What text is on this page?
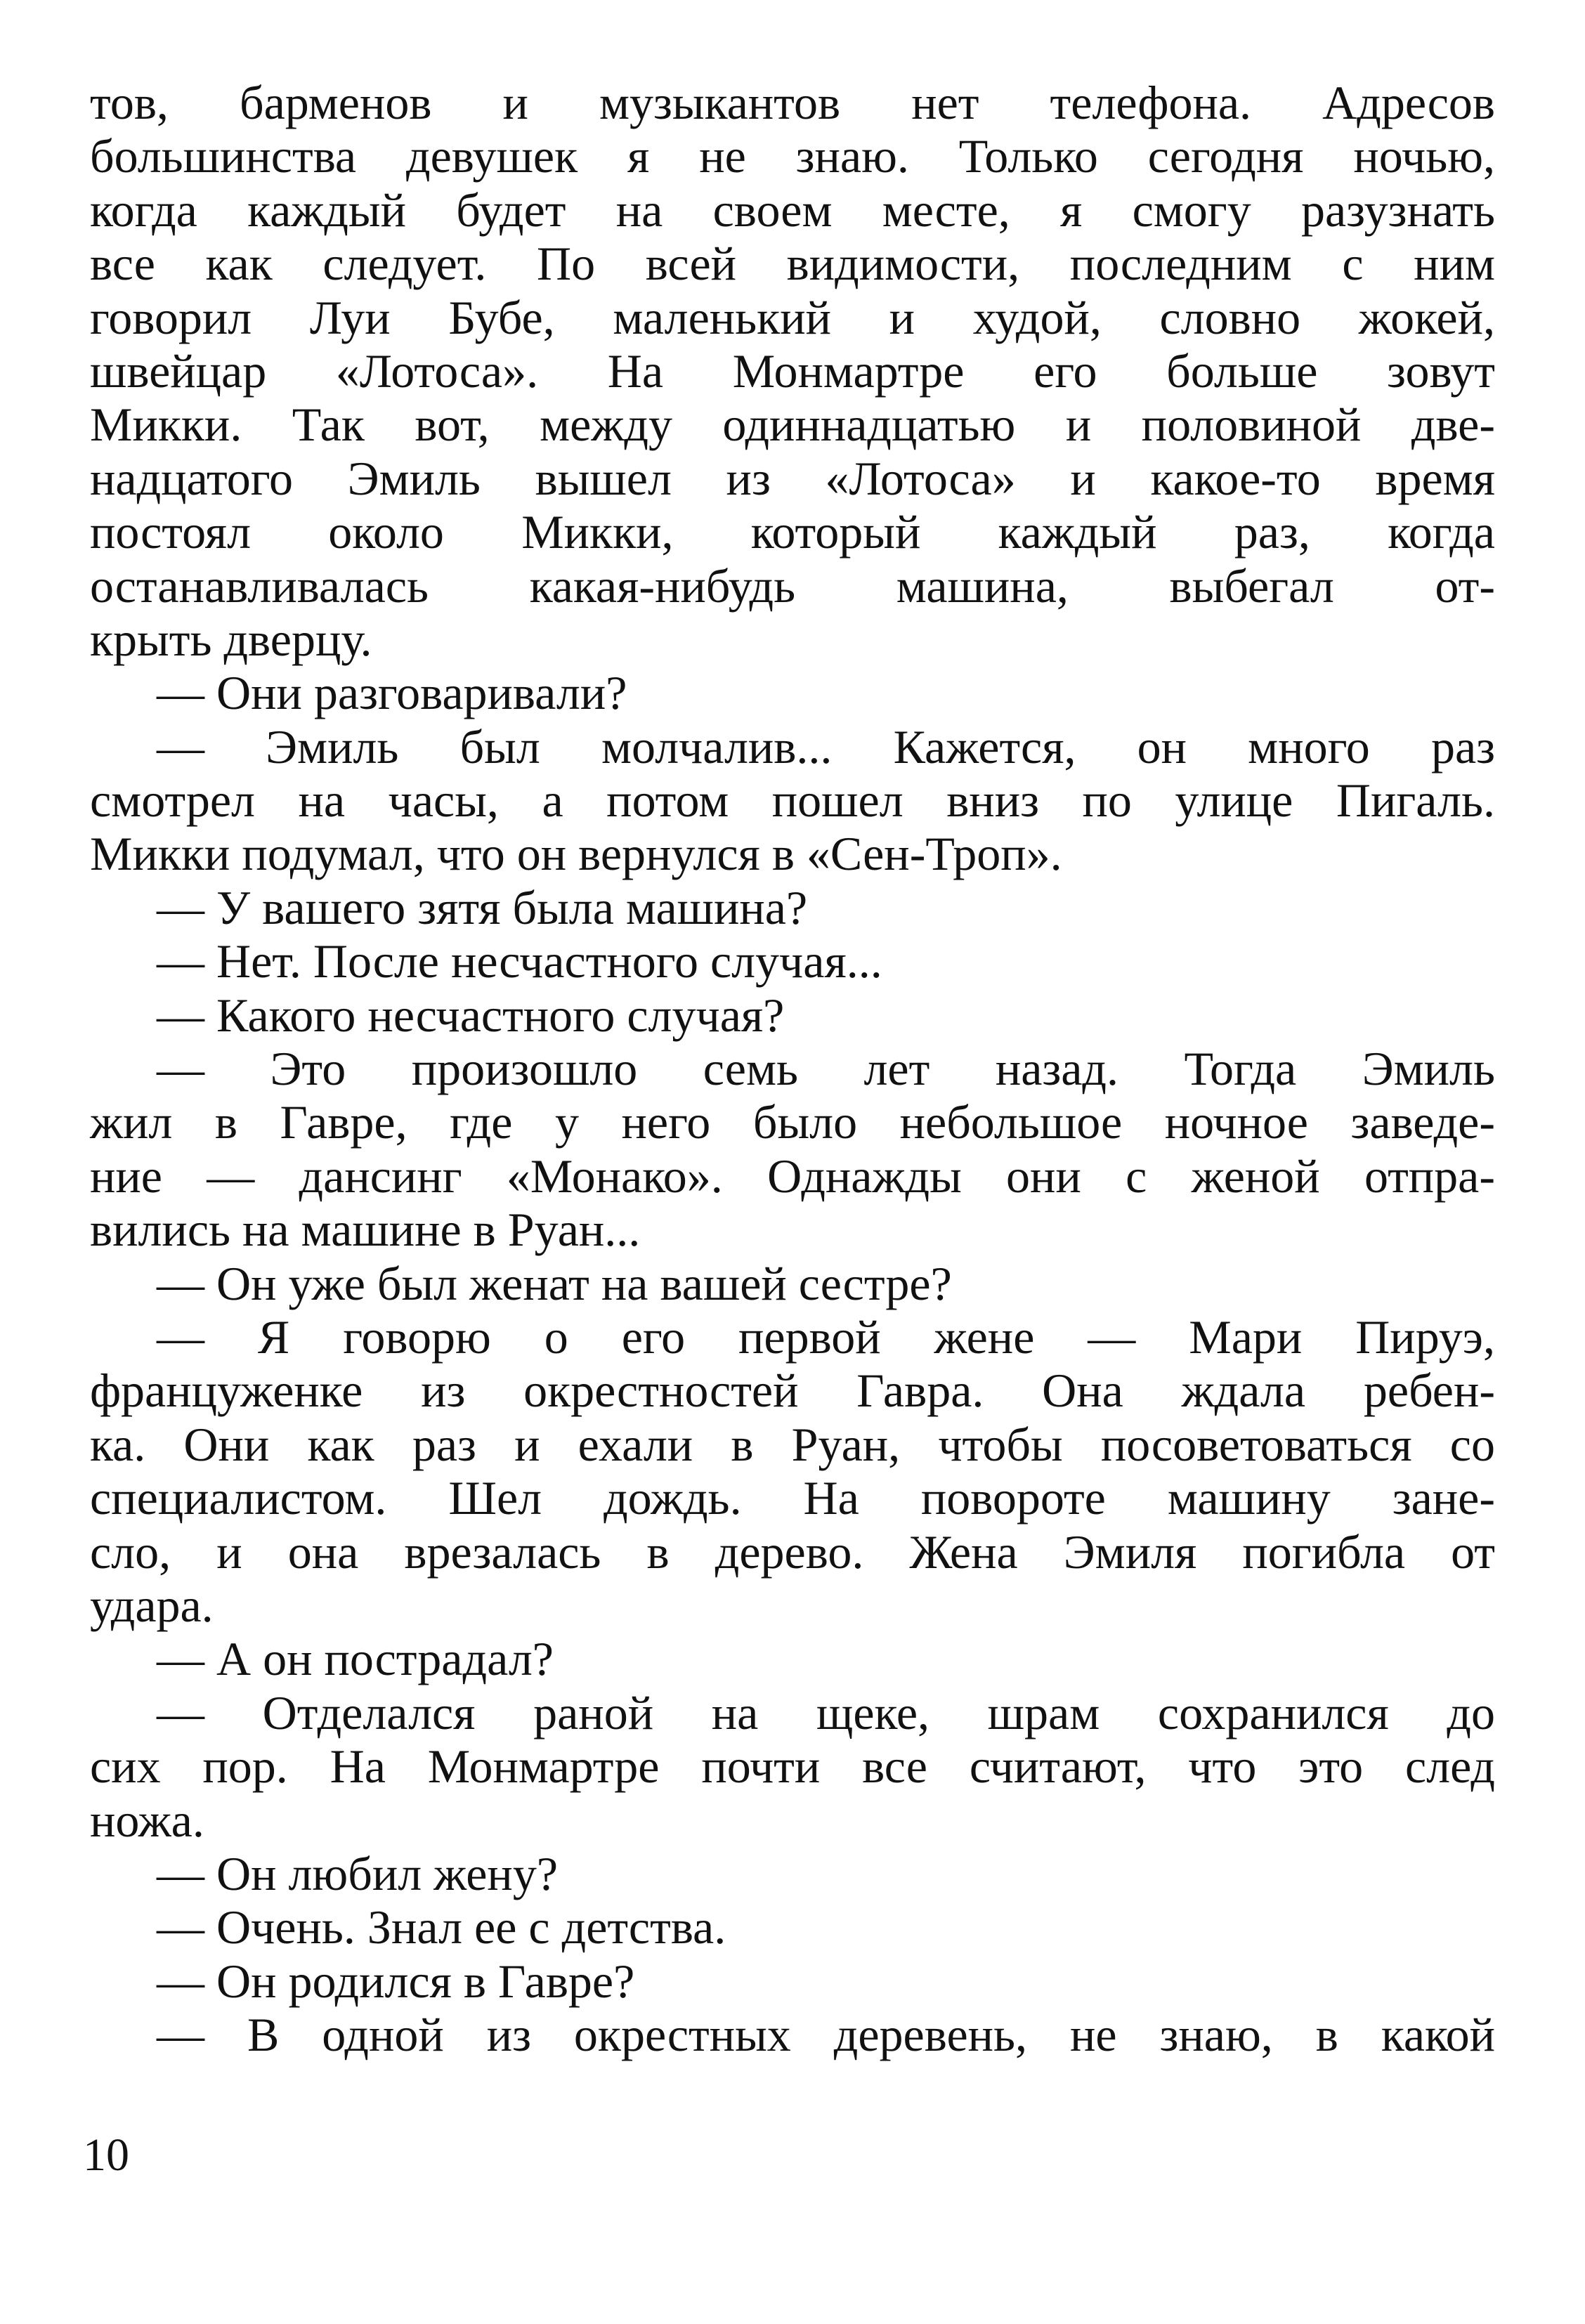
тов, барменов и музыкантов нет телефона. Адресов
большинства девушек я не знаю. Только сегодня ночью,
когда каждый будет на своем месте, я смогу разузнать
все как следует. По всей видимости, последним с ним
говорил Луи Бубе, маленький и худой, словно жокей,
швейцар «Лотоса». На Монмартре его больше зовут
Микки. Так вот, между одиннадцатью и половиной две-
надцатого Эмиль вышел из «Лотоса» и какое-то время
постоял около Микки, который каждый раз, когда
останавливалась какая-нибудь машина, выбегал от-
крыть дверцу.
— Они разговаривали?
— Эмиль был молчалив... Кажется, он много раз
смотрел на часы, а потом пошел вниз по улице Пигаль.
Микки подумал, что он вернулся в «Сен-Троп».
— У вашего зятя была машина?
— Нет. После несчастного случая...
— Какого несчастного случая?
— Это произошло семь лет назад. Тогда Эмиль
жил в Гавре, где у него было небольшое ночное заведе-
ние — дансинг «Монако». Однажды они с женой отпра-
вились на машине в Руан...
— Он уже был женат на вашей сестре?
— Я говорю о его первой жене — Мари Пируэ,
француженке из окрестностей Гавра. Она ждала ребен-
ка. Они как раз и ехали в Руан, чтобы посоветоваться со
специалистом. Шел дождь. На повороте машину зане-
сло, и она врезалась в дерево. Жена Эмиля погибла от
удара.
— А он пострадал?
— Отделался раной на щеке, шрам сохранился до
сих пор. На Монмартре почти все считают, что это след
ножа.
— Он любил жену?
— Очень. Знал ее с детства.
— Он родился в Гавре?
— В одной из окрестных деревень, не знаю, в какой
10
